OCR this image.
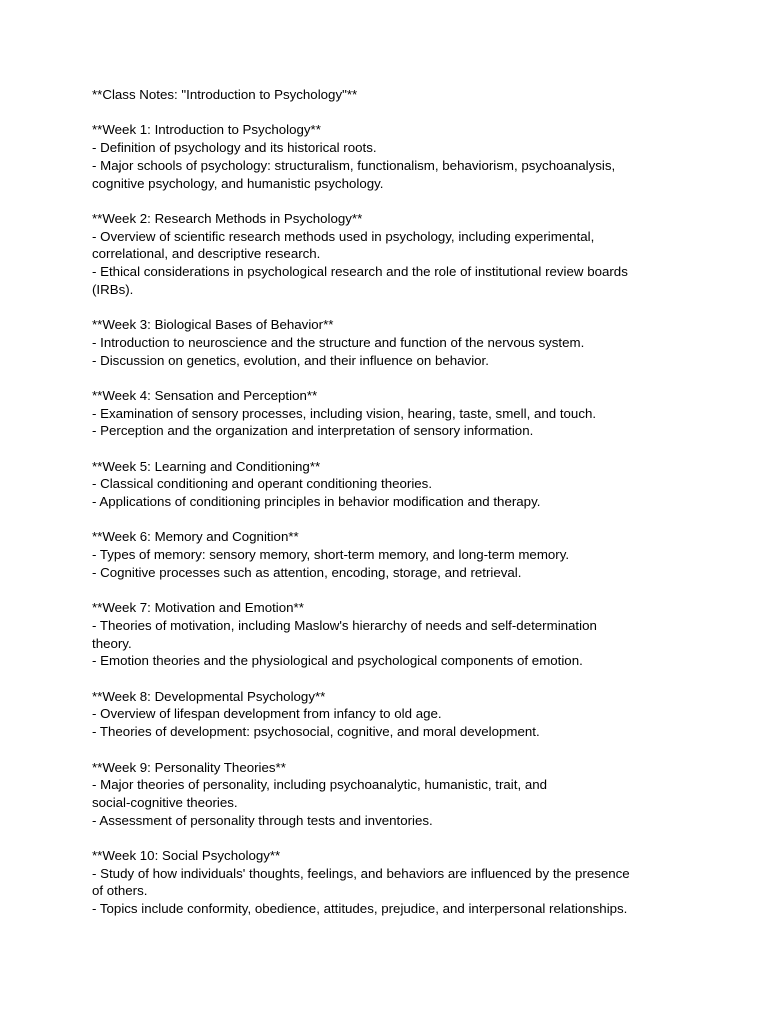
**Class Notes: "Introduction to Psychology"**
**Week 1: Introduction to Psychology**
- Definition of psychology and its historical roots.
- Major schools of psychology: structuralism, functionalism, behaviorism, psychoanalysis,
cognitive psychology, and humanistic psychology.
**Week 2: Research Methods in Psychology**
- Overview of scientific research methods used in psychology, including experimental,
correlational, and descriptive research.
- Ethical considerations in psychological research and the role of institutional review boards
(IRBs).
**Week 3: Biological Bases of Behavior**
- Introduction to neuroscience and the structure and function of the nervous system.
- Discussion on genetics, evolution, and their influence on behavior.
**Week 4: Sensation and Perception**
- Examination of sensory processes, including vision, hearing, taste, smell, and touch.
- Perception and the organization and interpretation of sensory information.
**Week 5: Learning and Conditioning**
- Classical conditioning and operant conditioning theories.
- Applications of conditioning principles in behavior modification and therapy.
**Week 6: Memory and Cognition**
- Types of memory: sensory memory, short-term memory, and long-term memory.
- Cognitive processes such as attention, encoding, storage, and retrieval.
**Week 7: Motivation and Emotion**
- Theories of motivation, including Maslow's hierarchy of needs and self-determination
theory.
- Emotion theories and the physiological and psychological components of emotion.
**Week 8: Developmental Psychology**
- Overview of lifespan development from infancy to old age.
- Theories of development: psychosocial, cognitive, and moral development.
**Week 9: Personality Theories**
- Major theories of personality, including psychoanalytic, humanistic, trait, and
social-cognitive theories.
- Assessment of personality through tests and inventories.
**Week 10: Social Psychology**
- Study of how individuals' thoughts, feelings, and behaviors are influenced by the presence
of others.
- Topics include conformity, obedience, attitudes, prejudice, and interpersonal relationships.
